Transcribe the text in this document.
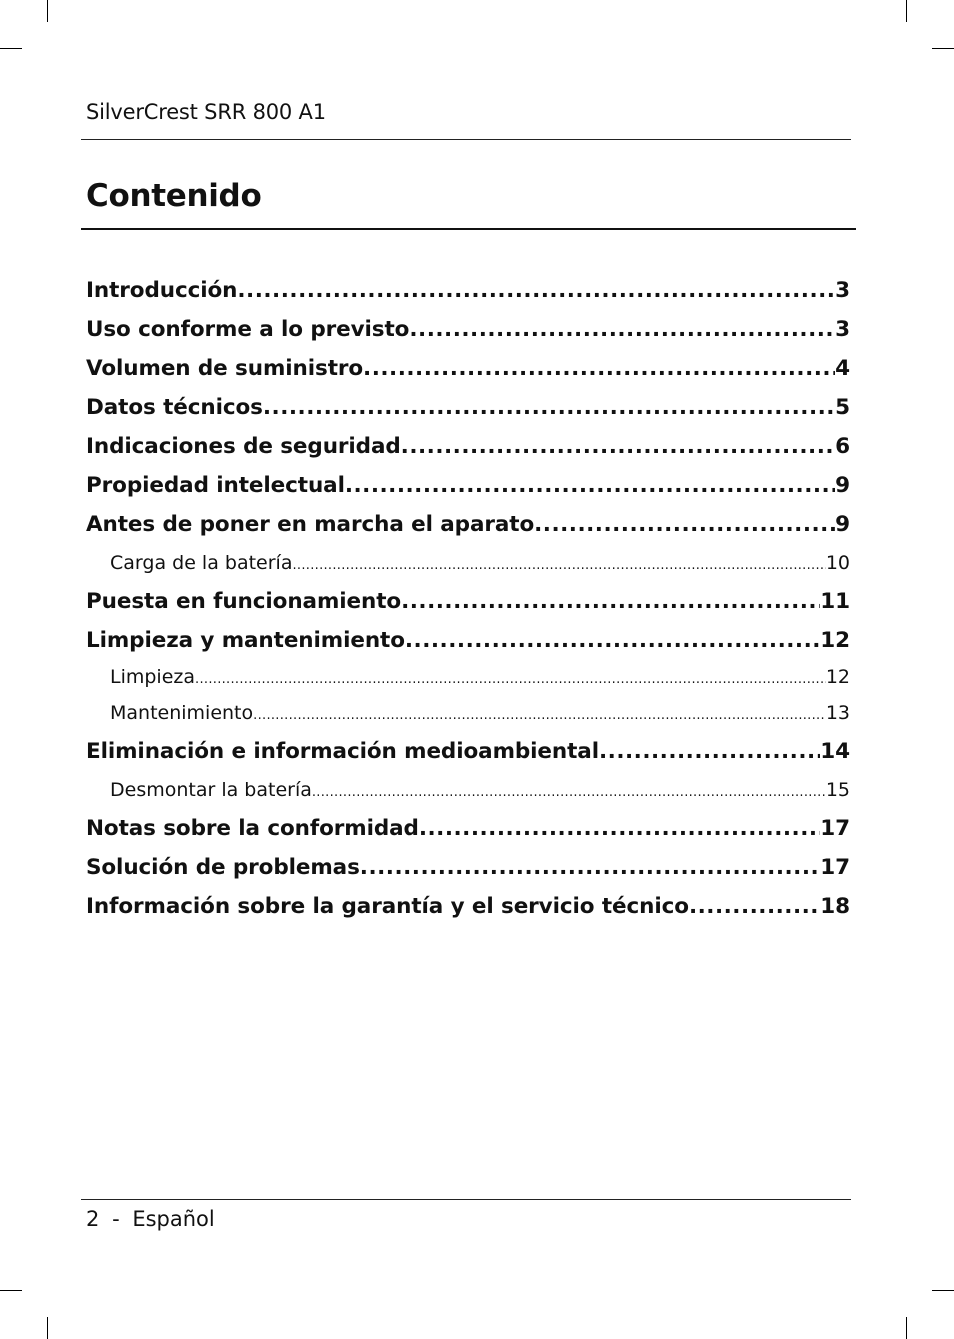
SilverCrest SRR 800 A1
Contenido
Introducción .....	3
Uso conforme a lo previsto .....	3
Volumen de suministro .....	4
Datos técnicos .....	5
Indicaciones de seguridad .....	6
Propiedad intelectual .....	9
Antes de poner en marcha el aparato .....	9
Carga de la batería .....	10
Puesta en funcionamiento .....	11
Limpieza y mantenimiento .....	12
Limpieza .....	12
Mantenimiento .....	13
Eliminación e información medioambiental .....	14
Desmontar la batería .....	15
Notas sobre la conformidad .....	17
Solución de problemas .....	17
Información sobre la garantía y el servicio técnico .....	18
2 - Español
